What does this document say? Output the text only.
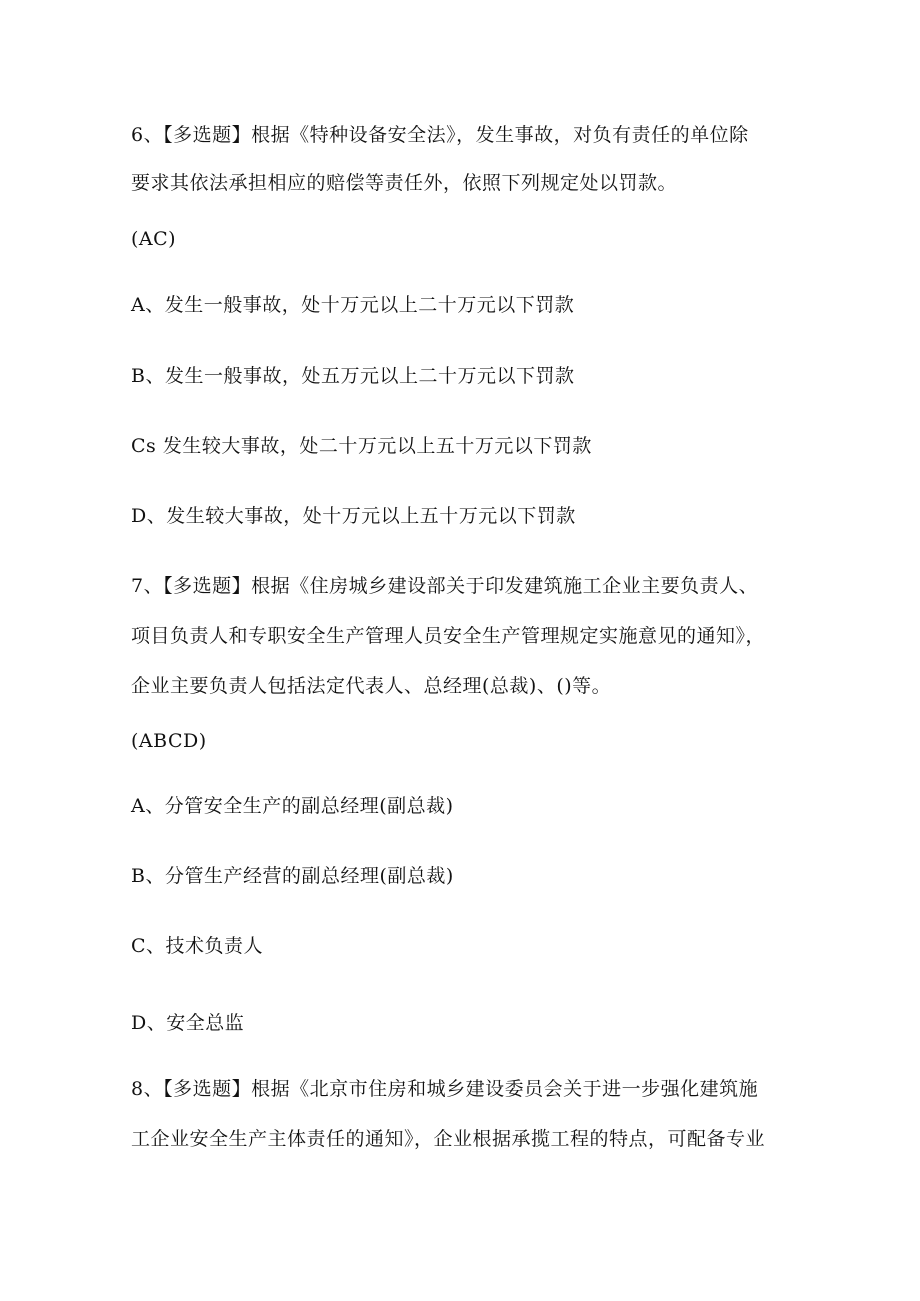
6、【多选题】根据《特种设备安全法》，发生事故，对负有责任的单位除
要求其依法承担相应的赔偿等责任外，依照下列规定处以罚款。
(AC)
A、发生一般事故，处十万元以上二十万元以下罚款
B、发生一般事故，处五万元以上二十万元以下罚款
Cs 发生较大事故，处二十万元以上五十万元以下罚款
D、发生较大事故，处十万元以上五十万元以下罚款
7、【多选题】根据《住房城乡建设部关于印发建筑施工企业主要负责人、
项目负责人和专职安全生产管理人员安全生产管理规定实施意见的通知》，
企业主要负责人包括法定代表人、总经理(总裁)、()等。
(ABCD)
A、分管安全生产的副总经理(副总裁)
B、分管生产经营的副总经理(副总裁)
C、技术负责人
D、安全总监
8、【多选题】根据《北京市住房和城乡建设委员会关于进一步强化建筑施
工企业安全生产主体责任的通知》，企业根据承揽工程的特点，可配备专业
